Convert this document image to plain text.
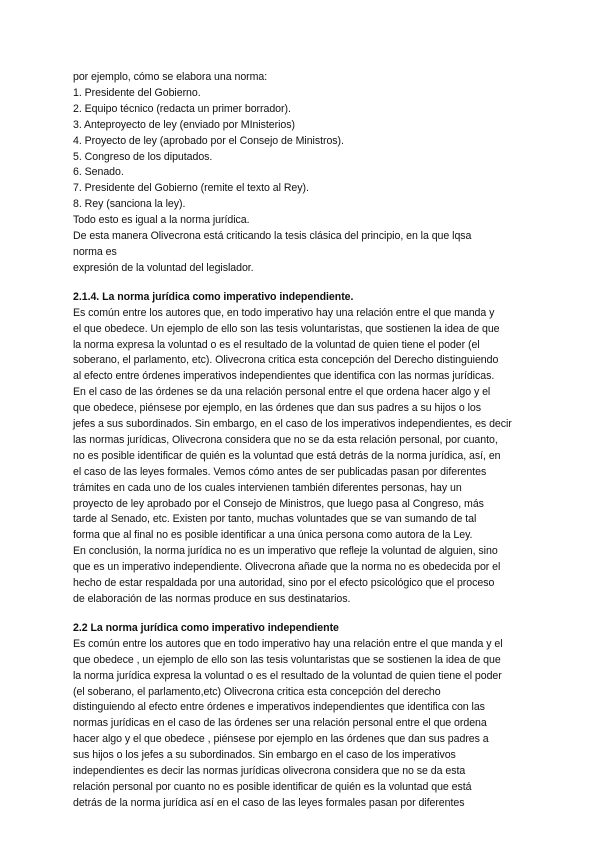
por ejemplo, cómo se elabora una norma:
1. Presidente del Gobierno.
2. Equipo técnico (redacta un primer borrador).
3. Anteproyecto de ley (enviado por MInisterios)
4. Proyecto de ley (aprobado por el Consejo de Ministros).
5. Congreso de los diputados.
6. Senado.
7. Presidente del Gobierno (remite el texto al Rey).
8. Rey (sanciona la ley).
Todo esto es igual a la norma jurídica.
De esta manera Olivecrona está criticando la tesis clásica del principio, en la que lqsa
norma es
expresión de la voluntad del legislador.
2.1.4. La norma jurídica como imperativo independiente.
Es común entre los autores que, en todo imperativo hay una relación entre el que manda y
el que obedece. Un ejemplo de ello son las tesis voluntaristas, que sostienen la idea de que
la norma expresa la voluntad o es el resultado de la voluntad de quien tiene el poder (el
soberano, el parlamento, etc). Olivecrona critica esta concepción del Derecho distinguiendo
al efecto entre órdenes imperativos independientes que identifica con las normas jurídicas.
En el caso de las órdenes se da una relación personal entre el que ordena hacer algo y el
que obedece, piénsese por ejemplo, en las órdenes que dan sus padres a su hijos o los
jefes a sus subordinados. Sin embargo, en el caso de los imperativos independientes, es decir
las normas jurídicas, Olivecrona considera que no se da esta relación personal, por cuanto,
no es posible identificar de quién es la voluntad que está detrás de la norma jurídica, así, en
el caso de las leyes formales. Vemos cómo antes de ser publicadas pasan por diferentes
trámites en cada uno de los cuales intervienen también diferentes personas, hay un
proyecto de ley aprobado por el Consejo de Ministros, que luego pasa al Congreso, más
tarde al Senado, etc. Existen por tanto, muchas voluntades que se van sumando de tal
forma que al final no es posible identificar a una única persona como autora de la Ley.
En conclusión, la norma jurídica no es un imperativo que refleje la voluntad de alguien, sino
que es un imperativo independiente. Olivecrona añade que la norma no es obedecida por el
hecho de estar respaldada por una autoridad, sino por el efecto psicológico que el proceso
de elaboración de las normas produce en sus destinatarios.
2.2 La norma jurídica como imperativo independiente
Es común entre los autores que en todo imperativo hay una relación entre el que manda y el
que obedece , un ejemplo de ello son las tesis voluntaristas que se sostienen la idea de que
la norma jurídica expresa la voluntad o es el resultado de la voluntad de quien tiene el poder
(el soberano, el parlamento,etc) Olivecrona critica esta concepción del derecho
distinguiendo al efecto entre órdenes e imperativos independientes que identifica con las
normas jurídicas en el caso de las órdenes ser una relación personal entre el que ordena
hacer algo y el que obedece , piénsese por ejemplo en las órdenes que dan sus padres a
sus hijos o los jefes a su subordinados. Sin embargo en el caso de los imperativos
independientes es decir las normas jurídicas olivecrona considera que no se da esta
relación personal por cuanto no es posible identificar de quién es la voluntad que está
detrás de la norma jurídica así en el caso de las leyes formales pasan por diferentes
